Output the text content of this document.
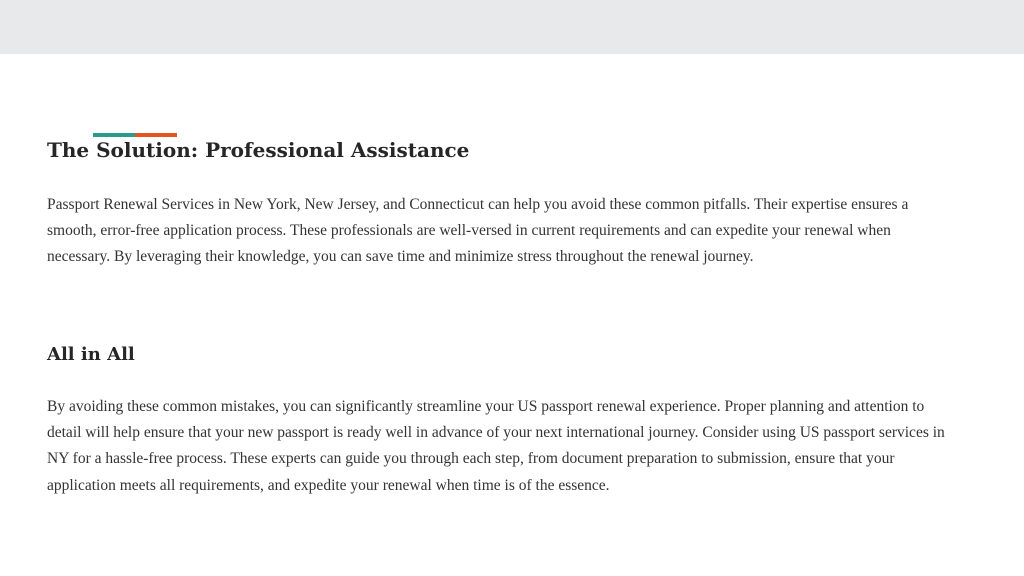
The Solution: Professional Assistance

Passport Renewal Services in New York, New Jersey, and Connecticut can help you avoid these common pitfalls. Their expertise ensures a smooth, error-free application process. These professionals are well-versed in current requirements and can expedite your renewal when necessary. By leveraging their knowledge, you can save time and minimize stress throughout the renewal journey.

All in All

By avoiding these common mistakes, you can significantly streamline your US passport renewal experience. Proper planning and attention to detail will help ensure that your new passport is ready well in advance of your next international journey. Consider using US passport services in NY for a hassle-free process. These experts can guide you through each step, from document preparation to submission, ensure that your application meets all requirements, and expedite your renewal when time is of the essence.
